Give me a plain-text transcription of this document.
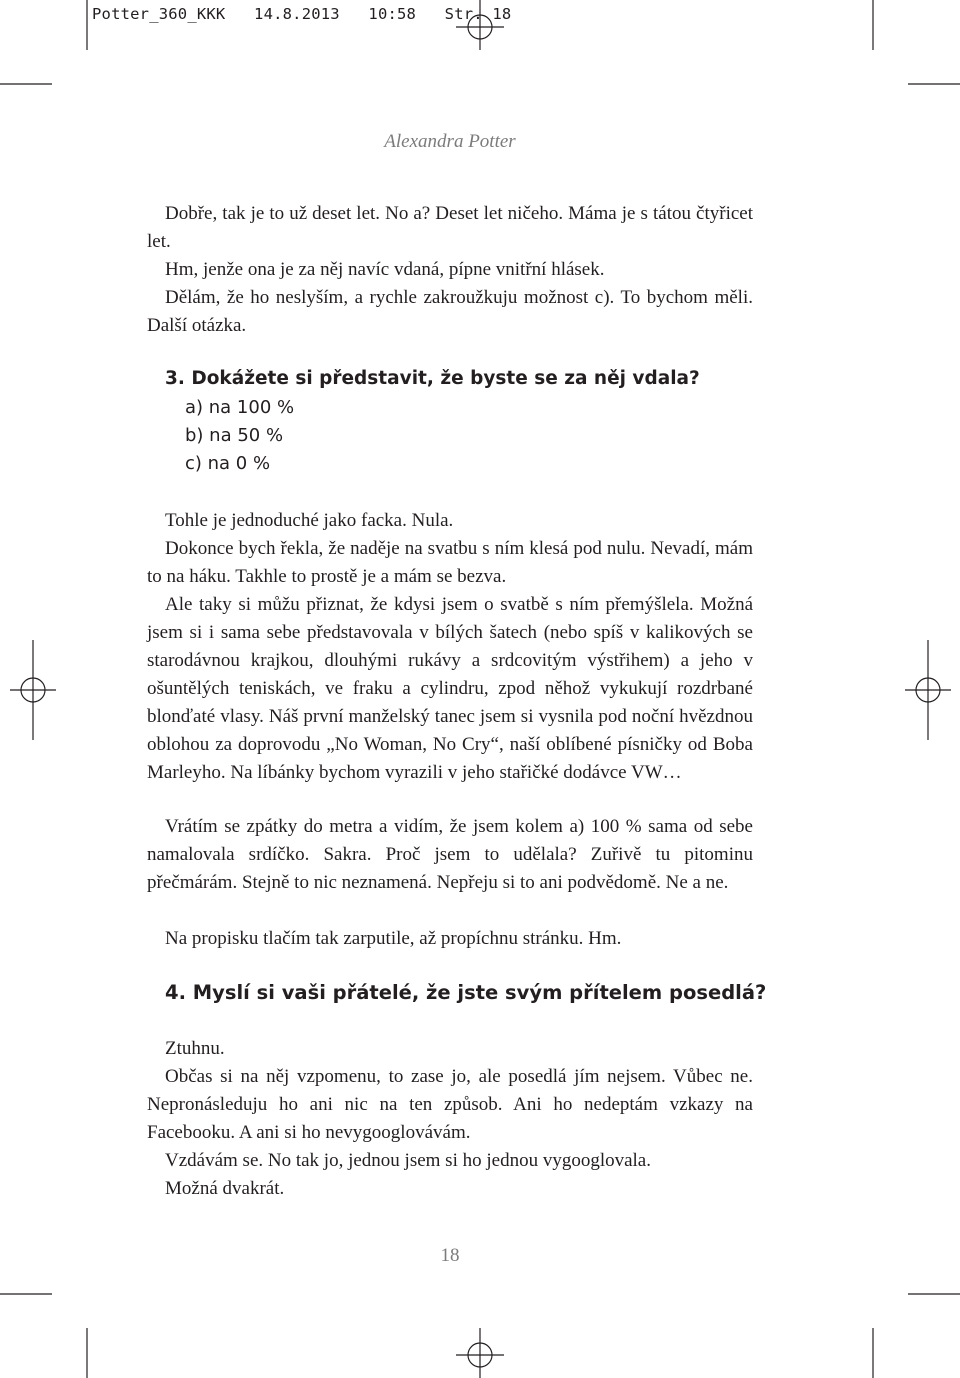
Potter_360_KKK   14.8.2013   10:58   Str. 18
Alexandra Potter

Dobře, tak je to už deset let. No a? Deset let ničeho. Máma je s tátou čtyřicet let.

Hm, jenže ona je za něj navíc vdaná, pípne vnitřní hlásek.

Dělám, že ho neslyším, a rychle zakroužkuju možnost c). To bychom měli. Další otázka.

3. Dokážete si představit, že byste se za něj vdala?

a) na 100 %

b) na 50 %

c) na 0 %

Tohle je jednoduché jako facka. Nula.

Dokonce bych řekla, že naděje na svatbu s ním klesá pod nulu. Nevadí, mám to na háku. Takhle to prostě je a mám se bezva.

Ale taky si můžu přiznat, že kdysi jsem o svatbě s ním přemýšlela. Možná jsem si i sama sebe představovala v bílých šatech (nebo spíš v kalikových se starodávnou krajkou, dlouhými rukávy a srdcovitým výstřihem) a jeho v ošuntělých teniskách, ve fraku a cylindru, zpod něhož vykukují rozdrbané blonďaté vlasy. Náš první manželský tanec jsem si vysnila pod noční hvězdnou oblohou za doprovodu „No Woman, No Cry“, naší oblíbené písničky od Boba Marleyho. Na líbánky bychom vyrazili v jeho stařičké dodávce VW…

Vrátím se zpátky do metra a vidím, že jsem kolem a) 100 % sama od sebe namalovala srdíčko. Sakra. Proč jsem to udělala? Zuřivě tu pitominu přečmárám. Stejně to nic neznamená. Nepřeju si to ani podvědomě. Ne a ne.

Na propisku tlačím tak zarputile, až propíchnu stránku. Hm.

4. Myslí si vaši přátelé, že jste svým přítelem posedlá?

Ztuhnu.

Občas si na něj vzpomenu, to zase jo, ale posedlá jím nejsem. Vůbec ne. Nepronásleduju ho ani nic na ten způsob. Ani ho nedeptám vzkazy na Facebooku. A ani si ho nevygooglovávám.

Vzdávám se. No tak jo, jednou jsem si ho jednou vygooglovala.

Možná dvakrát.

18
